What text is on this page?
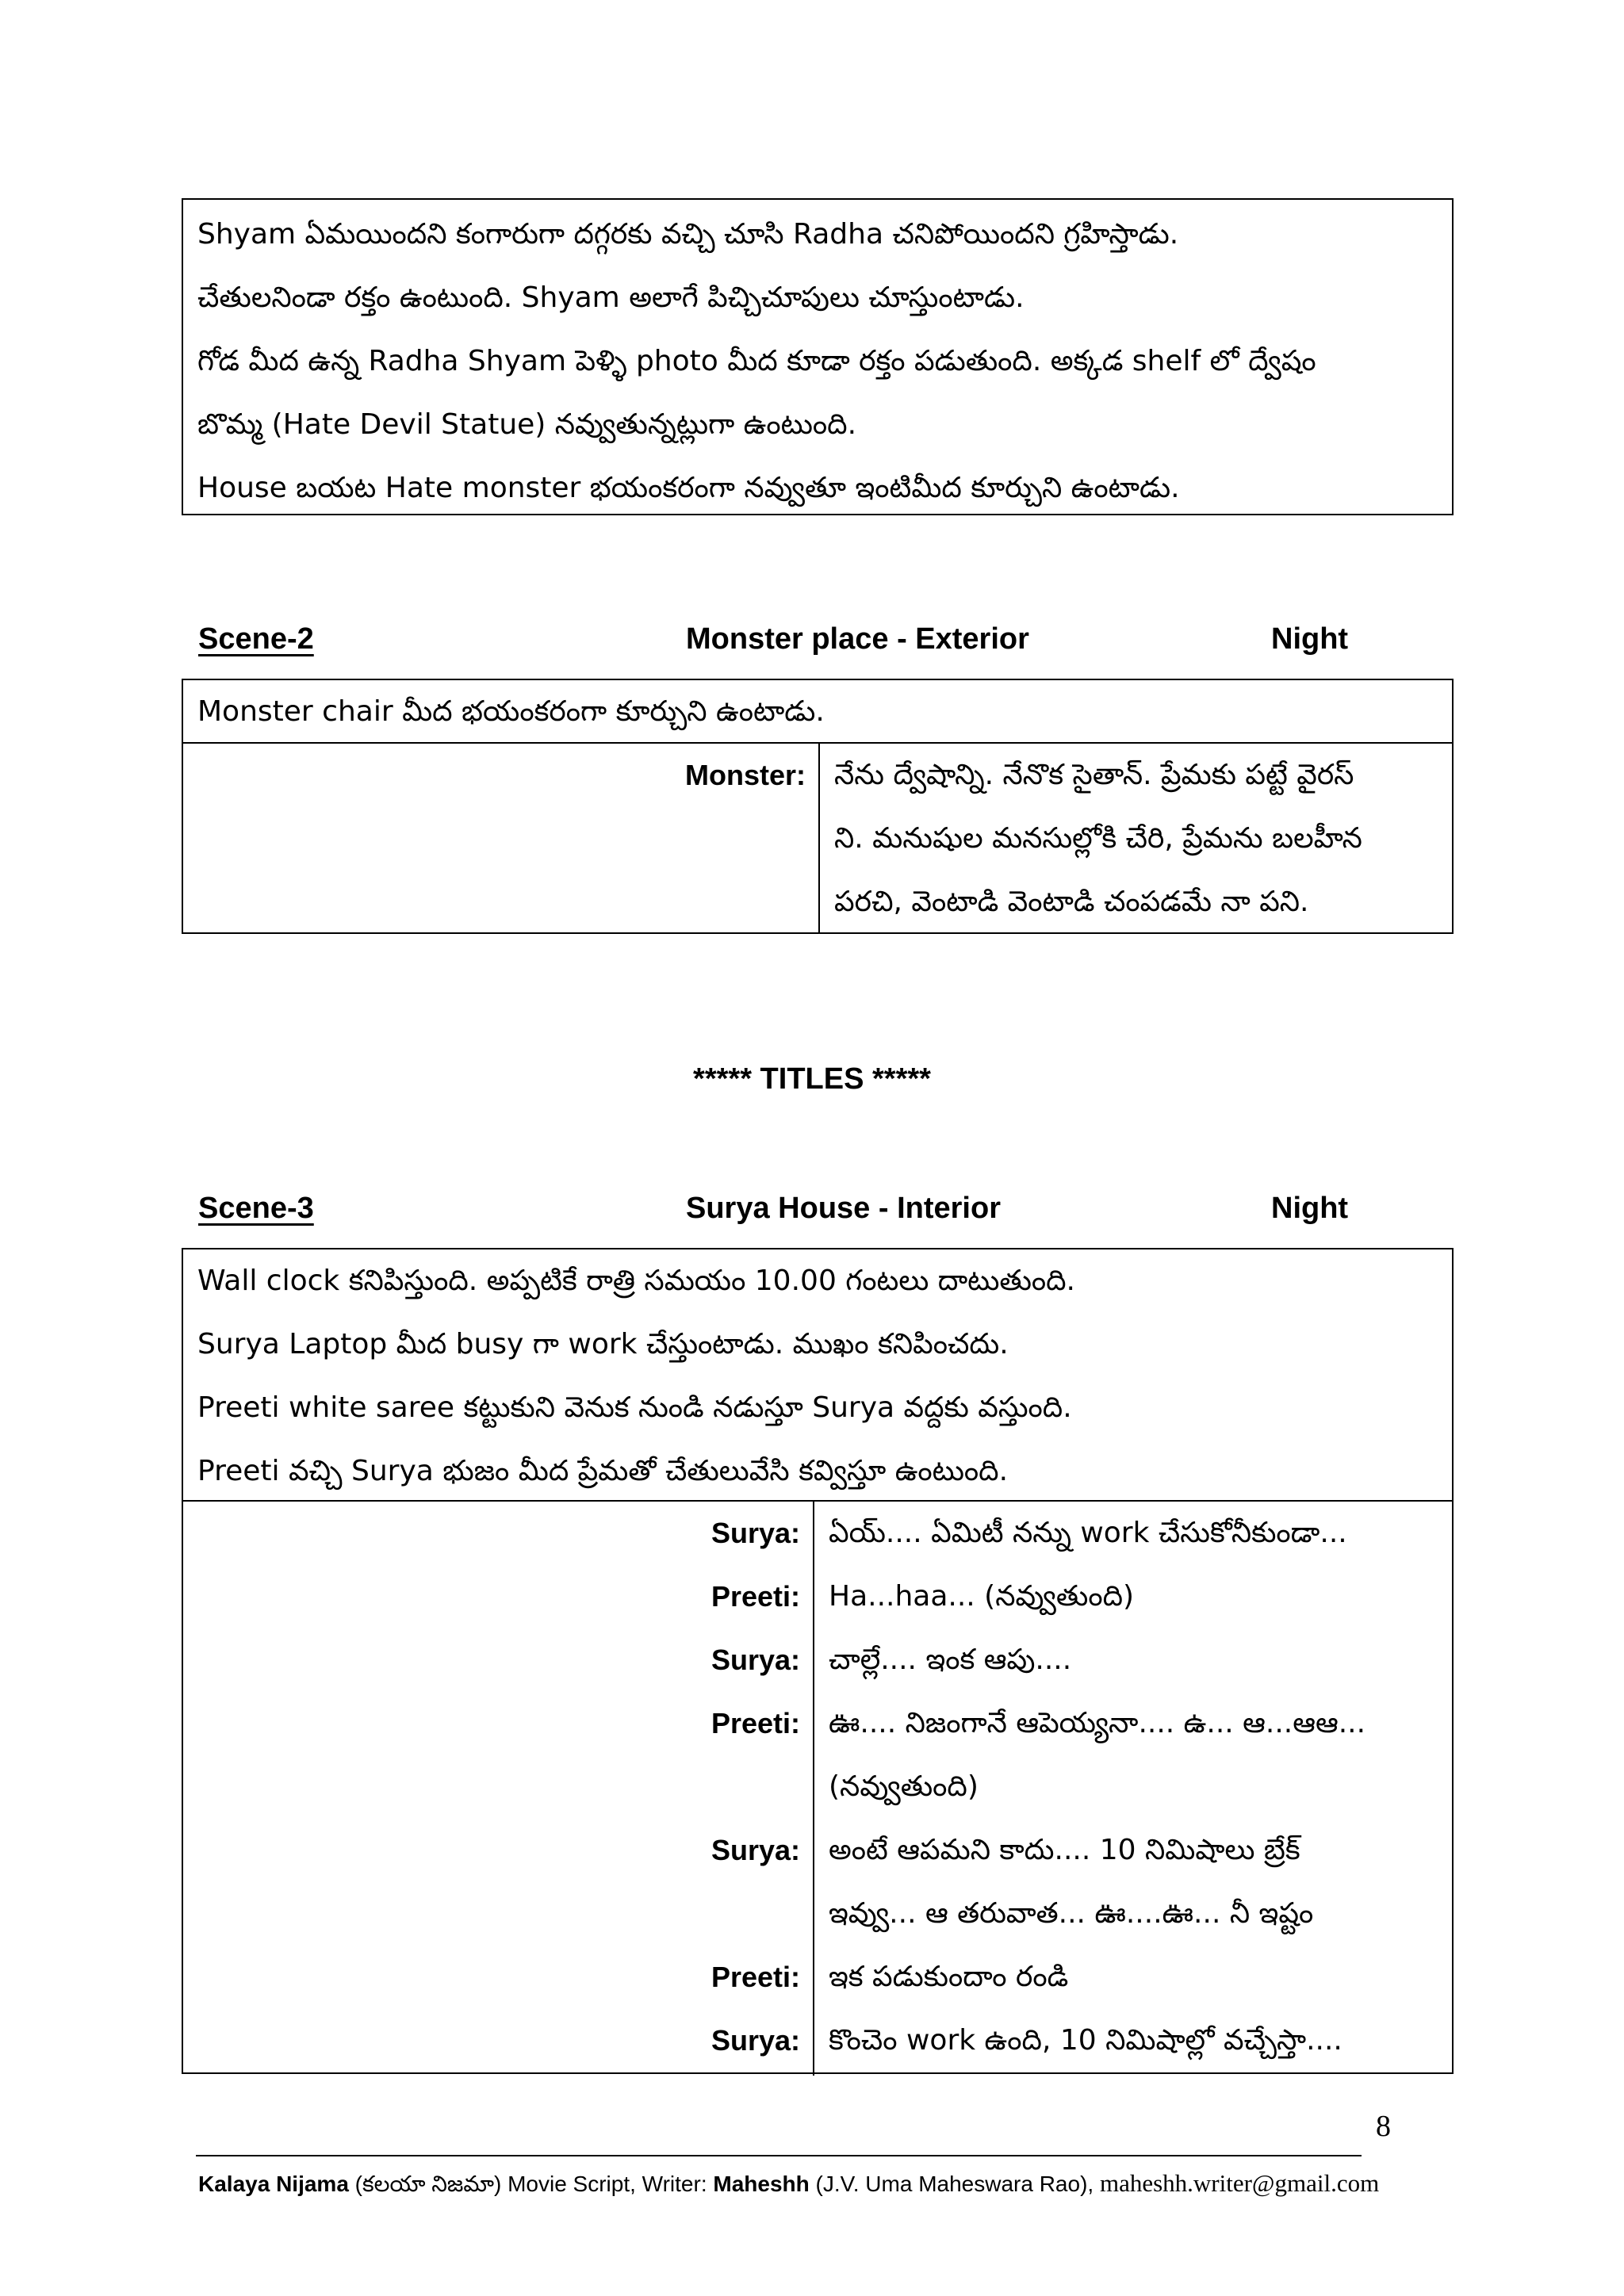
Shyam ఏమయిందని కంగారుగా దగ్గరకు వచ్చి చూసి Radha చనిపోయిందని గ్రహిస్తాడు.
చేతులనిండా రక్తం ఉంటుంది. Shyam అలాగే పిచ్చిచూపులు చూస్తుంటాడు.
గోడ మీద ఉన్న Radha Shyam పెళ్ళి photo మీద కూడా రక్తం పడుతుంది. అక్కడ shelf లో ద్వేషం
బొమ్మ (Hate Devil Statue) నవ్వుతున్నట్లుగా ఉంటుంది.
House బయట Hate monster భయంకరంగా నవ్వుతూ ఇంటిమీద కూర్చుని ఉంటాడు.
Scene-2	Monster place - Exterior	Night
Monster chair మీద భయంకరంగా కూర్చుని ఉంటాడు.
Monster:	నేను ద్వేషాన్ని. నేనొక సైతాన్. ప్రేమకు పట్టే వైరస్
ని. మనుషుల మనసుల్లోకి చేరి, ప్రేమను బలహీన
పరచి, వెంటాడి వెంటాడి చంపడమే నా పని.
***** TITLES *****
Scene-3	Surya House - Interior	Night
Wall clock కనిపిస్తుంది. అప్పటికే రాత్రి సమయం 10.00 గంటలు దాటుతుంది.
Surya Laptop మీద busy గా work చేస్తుంటాడు. ముఖం కనిపించదు.
Preeti white saree కట్టుకుని వెనుక నుండి నడుస్తూ Surya వద్దకు వస్తుంది.
Preeti వచ్చి Surya భుజం మీద ప్రేమతో చేతులువేసి కవ్విస్తూ ఉంటుంది.
Surya:	ఏయ్.... ఏమిటీ నన్ను work చేసుకోనీకుండా...

Preeti:	Ha...haa... (నవ్వుతుంది)

Surya:	చాల్లే.... ఇంక ఆపు....

Preeti:	ఊ.... నిజంగానే ఆపెయ్యనా.... ఉ... ఆ...ఆఆ...
(నవ్వుతుంది)

Surya:	అంటే ఆపమని కాదు.... 10 నిమిషాలు బ్రేక్
ఇవ్వు... ఆ తరువాత... ఊ....ఊ... నీ ఇష్టం

Preeti:	ఇక పడుకుందాం రండి

Surya:	కొంచెం work ఉంది, 10 నిమిషాల్లో వచ్చేస్తా....
8
Kalaya Nijama (కలయా నిజమా) Movie Script, Writer: Maheshh (J.V. Uma Maheswara Rao), maheshh.writer@gmail.com
